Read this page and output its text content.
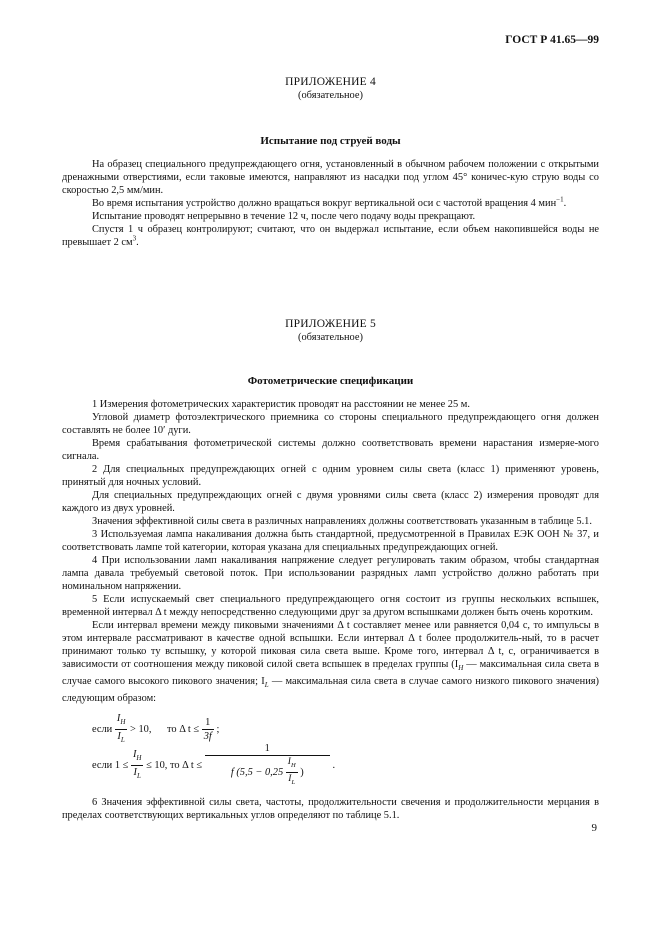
ГОСТ Р 41.65—99
ПРИЛОЖЕНИЕ 4
(обязательное)
Испытание под струей воды

На образец специального предупреждающего огня, установленный в обычном рабочем положении с открытыми дренажными отверстиями, если таковые имеются, направляют из насадки под углом 45° коничес-кую струю воды со скоростью 2,5 мм/мин.

Во время испытания устройство должно вращаться вокруг вертикальной оси с частотой вращения 4 мин$^{-1}$.

Испытание проводят непрерывно в течение 12 ч, после чего подачу воды прекращают.

Спустя 1 ч образец контролируют; считают, что он выдержал испытание, если объем накопившейся воды не превышает 2 $см^3$.

ПРИЛОЖЕНИЕ 5
(обязательное)
Фотометрические спецификации

1 Измерения фотометрических характеристик проводят на расстоянии не менее 25 м.

Угловой диаметр фотоэлектрического приемника со стороны специального предупреждающего огня должен составлять не более 10′ дуги.

Время срабатывания фотометрической системы должно соответствовать времени нарастания измеряе-мого сигнала.

2 Для специальных предупреждающих огней с одним уровнем силы света (класс 1) применяют уровень, принятый для ночных условий.

Для специальных предупреждающих огней с двумя уровнями силы света (класс 2) измерения проводят для каждого из двух уровней.

Значения эффективной силы света в различных направлениях должны соответствовать указанным в таблице 5.1.

3 Используемая лампа накаливания должна быть стандартной, предусмотренной в Правилах ЕЭК ООН № 37, и соответствовать лампе той категории, которая указана для специальных предупреждающих огней.

4 При использовании ламп накаливания напряжение следует регулировать таким образом, чтобы стандартная лампа давала требуемый световой поток. При использовании разрядных ламп устройство должно работать при номинальном напряжении.

5 Если испускаемый свет специального предупреждающего огня состоит из группы нескольких вспышек, временной интервал Δ t между непосредственно следующими друг за другом вспышками должен быть очень коротким.

Если интервал времени между пиковыми значениями Δ t составляет менее или равняется 0,04 с, то импульсы в этом интервале рассматривают в качестве одной вспышки. Если интервал Δ t более продолжитель-ный, то в расчет принимают только ту вспышку, у которой пиковая сила света выше. Кроме того, интервал Δ t, с, ограничивается в зависимости от соотношения между пиковой силой света вспышек в пределах группы ($I_H$ — максимальная сила света в случае самого высокого пикового значения; $I_L$ — максимальная сила света в случае самого низкого пикового значения) следующим образом:

если $\frac{I_H}{I_L} > 10$, то Δ $t \le \frac{1}{3f}$ ;
если $1 \le \frac{I_H}{I_L} \le 10$, то Δ $t \le \frac{1}{f (5,5 - 0,25 \frac{I_H}{I_L} )}$ .

6 Значения эффективной силы света, частоты, продолжительности свечения и продолжительности мерцания в пределах соответствующих вертикальных углов определяют по таблице 5.1.

9
